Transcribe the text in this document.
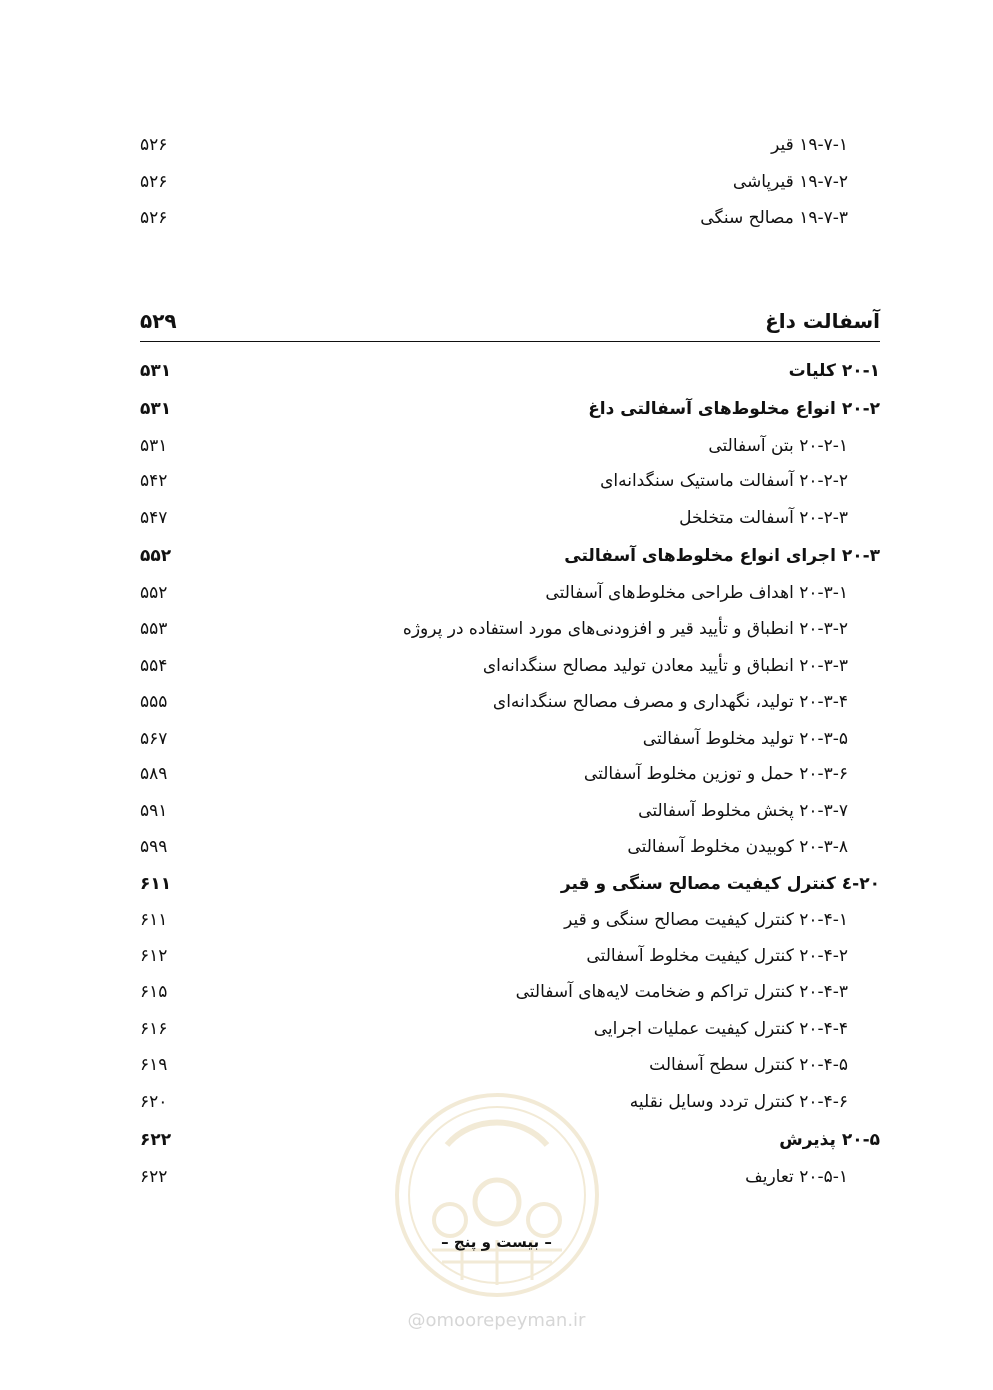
۱۹-۷-۱ قیر
۵۲۶
۱۹-۷-۲ قیرپاشی
۵۲۶
۱۹-۷-۳ مصالح سنگی
۵۲۶
آسفالت داغ
۵۲۹
۲۰-۱ کلیات
۵۳۱
۲۰-۲ انواع مخلوط‌های آسفالتی داغ
۵۳۱
۲۰-۲-۱ بتن آسفالتی
۵۳۱
۲۰-۲-۲ آسفالت ماستیک سنگدانه‌ای
۵۴۲
۲۰-۲-۳ آسفالت متخلخل
۵۴۷
۲۰-۳ اجرای انواع مخلوط‌های آسفالتی
۵۵۲
۲۰-۳-۱ اهداف طراحی مخلوط‌های آسفالتی
۵۵۲
۲۰-۳-۲ انطباق و تأیید قیر و افزودنی‌های مورد استفاده در پروژه
۵۵۳
۲۰-۳-۳ انطباق و تأیید معادن تولید مصالح سنگدانه‌ای
۵۵۴
۲۰-۳-۴ تولید، نگهداری و مصرف مصالح سنگدانه‌ای
۵۵۵
۲۰-۳-۵ تولید مخلوط آسفالتی
۵۶۷
۲۰-۳-۶ حمل و توزین مخلوط آسفالتی
۵۸۹
۲۰-۳-۷ پخش مخلوط آسفالتی
۵۹۱
۲۰-۳-۸ کوبیدن مخلوط آسفالتی
۵۹۹
۲۰-٤ کنترل کیفیت مصالح سنگی و قیر
۶۱۱
۲۰-۴-۱ کنترل کیفیت مصالح سنگی و قیر
۶۱۱
۲۰-۴-۲ کنترل کیفیت مخلوط آسفالتی
۶۱۲
۲۰-۴-۳ کنترل تراکم و ضخامت لایه‌های آسفالتی
۶۱۵
۲۰-۴-۴ کنترل کیفیت عملیات اجرایی
۶۱۶
۲۰-۴-۵ کنترل سطح آسفالت
۶۱۹
۲۰-۴-۶ کنترل تردد وسایل نقلیه
۶۲۰
۲۰-۵ پذیرش
۶۲۲
۲۰-۵-۱ تعاریف
۶۲۲
– بیست و پنج –
@omoorepeyman.ir
